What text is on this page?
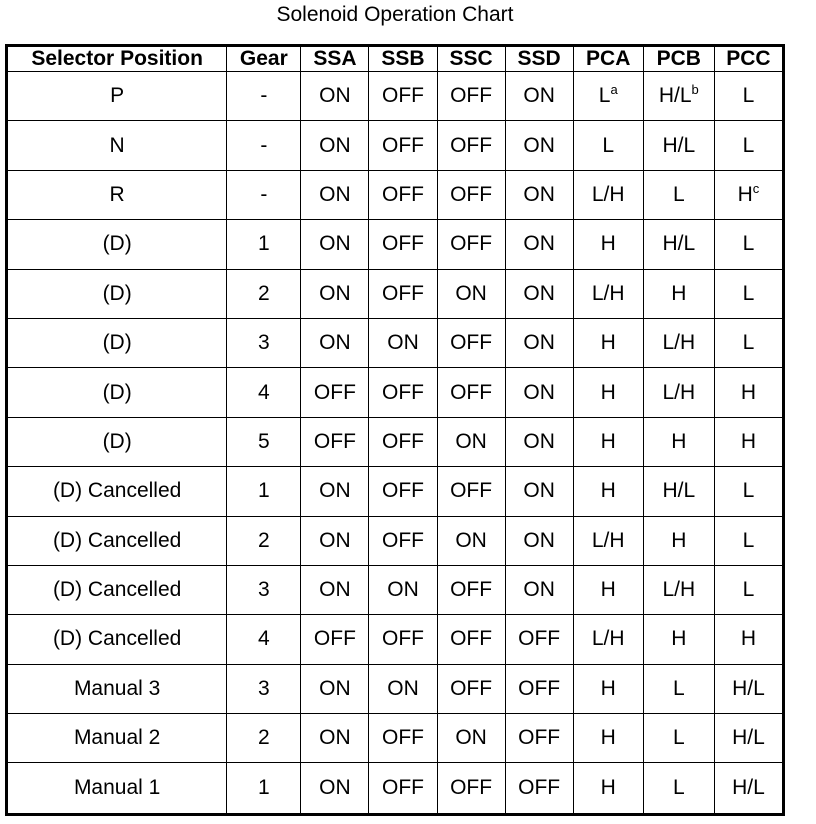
Solenoid Operation Chart
Selector Position	Gear	SSA	SSB	SSC	SSD	PCA	PCB	PCC
P	-	ON	OFF	OFF	ON	$L^a$	$H/L^b$	L
N	-	ON	OFF	OFF	ON	L	H/L	L
R	-	ON	OFF	OFF	ON	L/H	L	$H^c$
(D)	1	ON	OFF	OFF	ON	H	H/L	L
(D)	2	ON	OFF	ON	ON	L/H	H	L
(D)	3	ON	ON	OFF	ON	H	L/H	L
(D)	4	OFF	OFF	OFF	ON	H	L/H	H
(D)	5	OFF	OFF	ON	ON	H	H	H
(D) Cancelled	1	ON	OFF	OFF	ON	H	H/L	L
(D) Cancelled	2	ON	OFF	ON	ON	L/H	H	L
(D) Cancelled	3	ON	ON	OFF	ON	H	L/H	L
(D) Cancelled	4	OFF	OFF	OFF	OFF	L/H	H	H
Manual 3	3	ON	ON	OFF	OFF	H	L	H/L
Manual 2	2	ON	OFF	ON	OFF	H	L	H/L
Manual 1	1	ON	OFF	OFF	OFF	H	L	H/L
